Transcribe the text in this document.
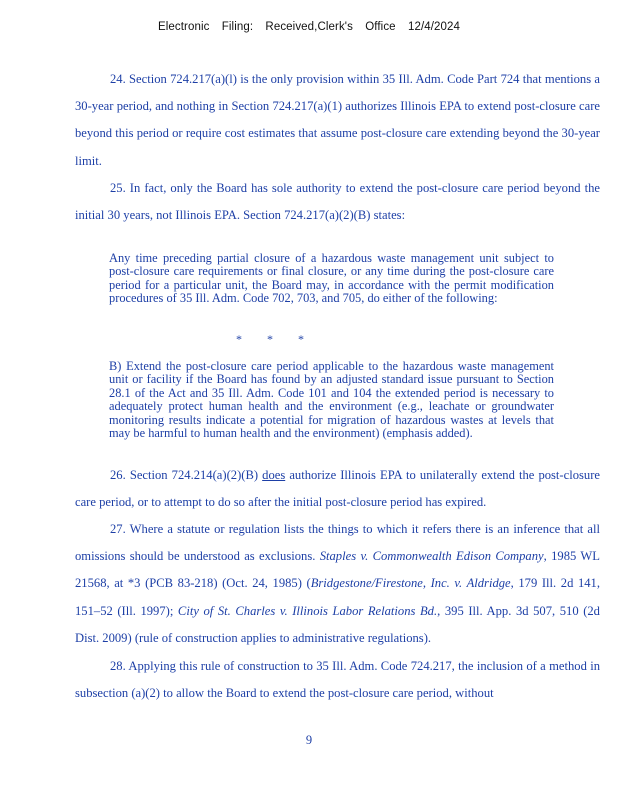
Electronic Filing: Received,Clerk's Office 12/4/2024

24. Section 724.217(a)(l) is the only provision within 35 Ill. Adm. Code Part 724 that mentions a 30-year period, and nothing in Section 724.217(a)(1) authorizes Illinois EPA to extend post-closure care beyond this period or require cost estimates that assume post-closure care extending beyond the 30-year limit.

25. In fact, only the Board has sole authority to extend the post-closure care period beyond the initial 30 years, not Illinois EPA. Section 724.217(a)(2)(B) states:

Any time preceding partial closure of a hazardous waste management unit subject to post-closure care requirements or final closure, or any time during the post-closure care period for a particular unit, the Board may, in accordance with the permit modification procedures of 35 Ill. Adm. Code 702, 703, and 705, do either of the following:

* * *

B) Extend the post-closure care period applicable to the hazardous waste management unit or facility if the Board has found by an adjusted standard issue pursuant to Section 28.1 of the Act and 35 Ill. Adm. Code 101 and 104 the extended period is necessary to adequately protect human health and the environment (e.g., leachate or groundwater monitoring results indicate a potential for migration of hazardous wastes at levels that may be harmful to human health and the environment) (emphasis added).

26. Section 724.214(a)(2)(B) does authorize Illinois EPA to unilaterally extend the post-closure care period, or to attempt to do so after the initial post-closure period has expired.

27. Where a statute or regulation lists the things to which it refers there is an inference that all omissions should be understood as exclusions. Staples v. Commonwealth Edison Company, 1985 WL 21568, at *3 (PCB 83-218) (Oct. 24, 1985) (Bridgestone/Firestone, Inc. v. Aldridge, 179 Ill. 2d 141, 151–52 (Ill. 1997); City of St. Charles v. Illinois Labor Relations Bd., 395 Ill. App. 3d 507, 510 (2d Dist. 2009) (rule of construction applies to administrative regulations).

28. Applying this rule of construction to 35 Ill. Adm. Code 724.217, the inclusion of a method in subsection (a)(2) to allow the Board to extend the post-closure care period, without

9
